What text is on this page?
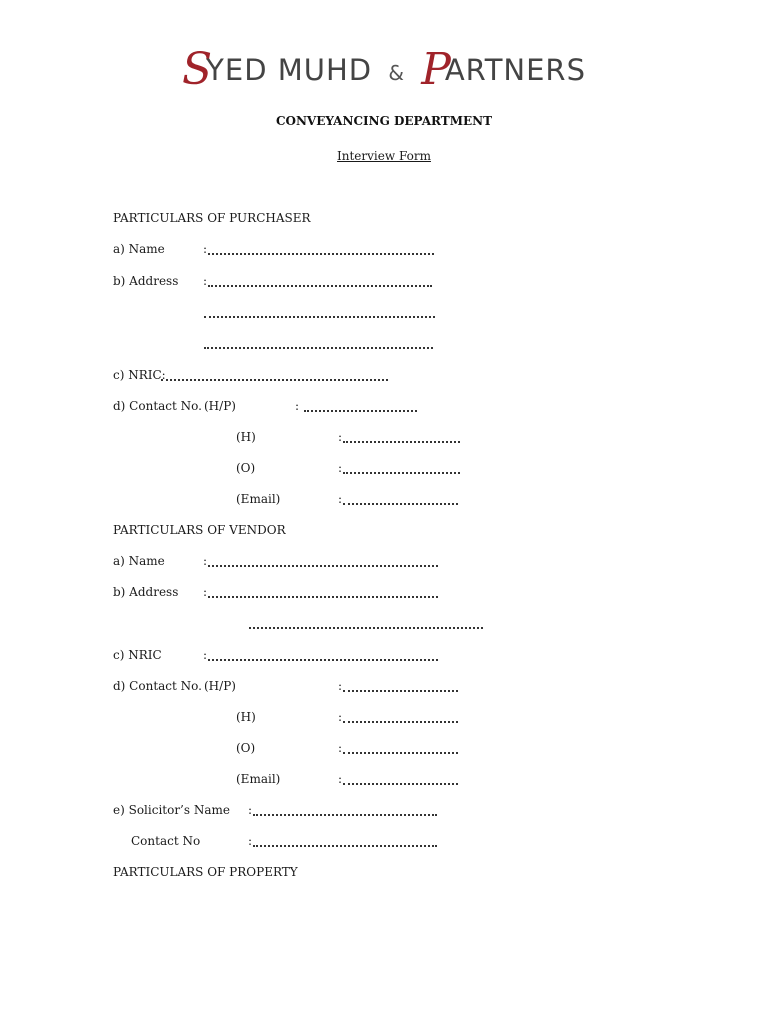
SYED MUHD & PARTNERS
CONVEYANCING DEPARTMENT
Interview Form
PARTICULARS OF PURCHASER
a) Name	:
b) Address :
c) NRIC:
d) Contact No. (H/P)	:
(H)	:
(O)	:
(Email)	:
PARTICULARS OF VENDOR
a) Name	:
b) Address :
c) NRIC	:
d) Contact No. (H/P)	:
(H)	:
(O)	:
(Email)	:
e) Solicitor’s Name :
Contact No	:
PARTICULARS OF PROPERTY
